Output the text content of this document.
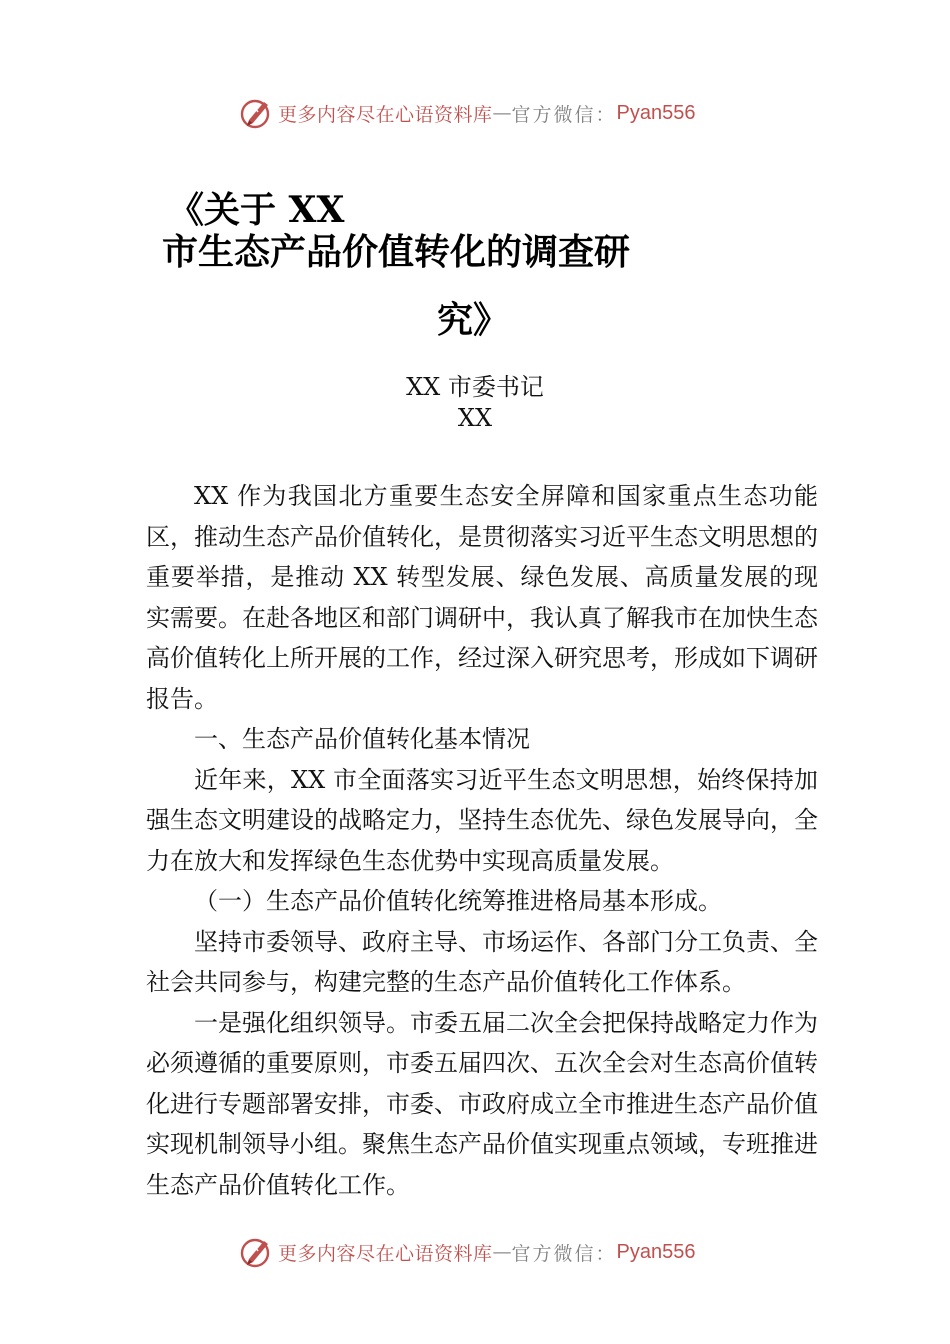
更多内容尽在心语资料库 — 官方微信： Pyan556
《关于 XX
市生态产品价值转化的调查研
究》
XX 市委书记
XX

XX 作为我国北方重要生态安全屏障和国家重点生态功能区，推动生态产品价值转化，是贯彻落实习近平生态文明思想的重要举措，是推动 XX 转型发展、绿色发展、高质量发展的现实需要。在赴各地区和部门调研中，我认真了解我市在加快生态高价值转化上所开展的工作，经过深入研究思考，形成如下调研报告。

一、生态产品价值转化基本情况

近年来，XX 市全面落实习近平生态文明思想，始终保持加强生态文明建设的战略定力，坚持生态优先、绿色发展导向，全力在放大和发挥绿色生态优势中实现高质量发展。

（一）生态产品价值转化统筹推进格局基本形成。

坚持市委领导、政府主导、市场运作、各部门分工负责、全社会共同参与，构建完整的生态产品价值转化工作体系。

一是强化组织领导。市委五届二次全会把保持战略定力作为必须遵循的重要原则，市委五届四次、五次全会对生态高价值转化进行专题部署安排，市委、市政府成立全市推进生态产品价值实现机制领导小组。聚焦生态产品价值实现重点领域，专班推进生态产品价值转化工作。

更多内容尽在心语资料库 — 官方微信： Pyan556
